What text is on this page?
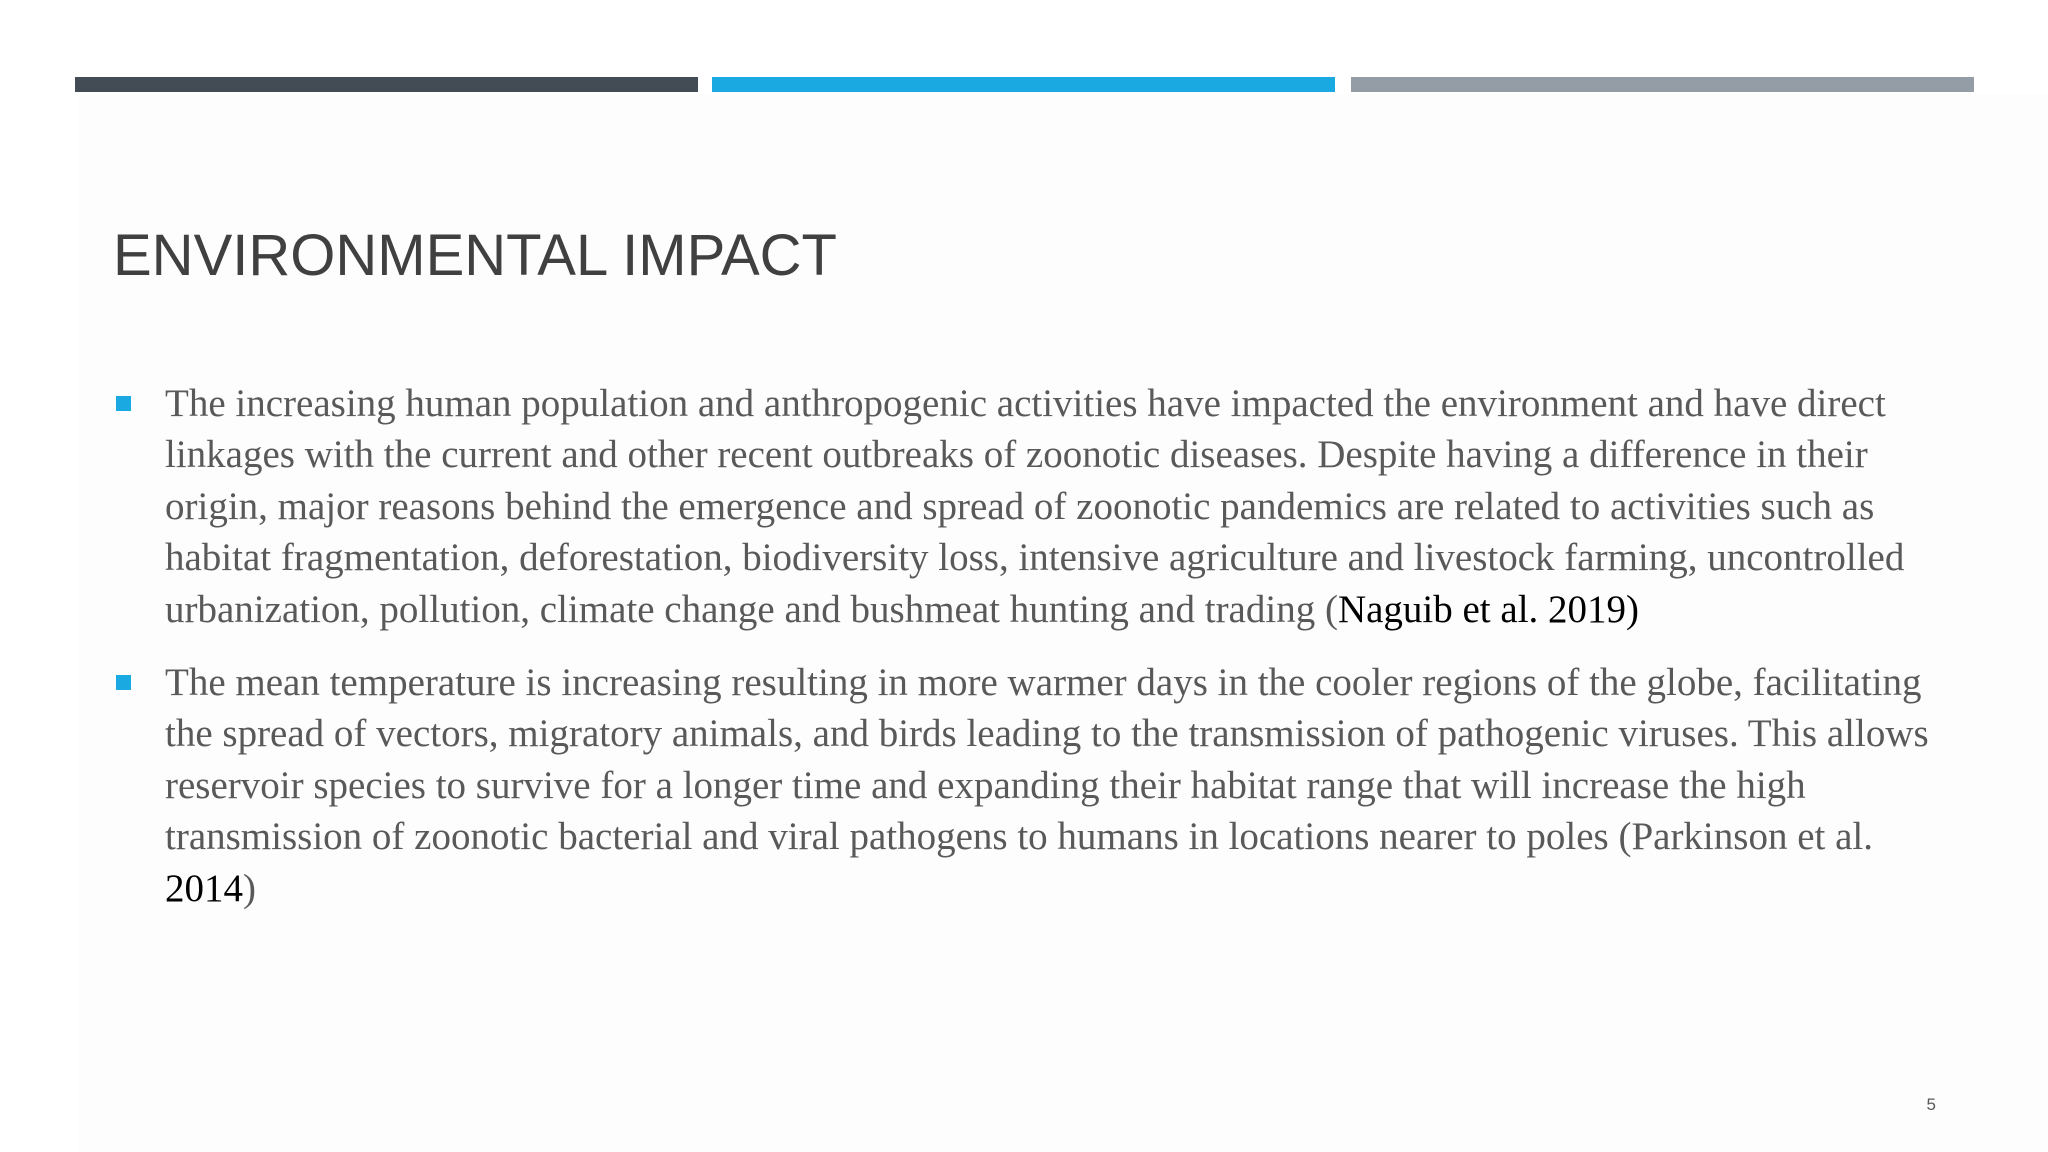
ENVIRONMENTAL IMPACT
The increasing human population and anthropogenic activities have impacted the environment and have direct linkages with the current and other recent outbreaks of zoonotic diseases. Despite having a difference in their origin, major reasons behind the emergence and spread of zoonotic pandemics are related to activities such as habitat fragmentation, deforestation, biodiversity loss, intensive agriculture and livestock farming, uncontrolled urbanization, pollution, climate change and bushmeat hunting and trading (Naguib et al. 2019)
The mean temperature is increasing resulting in more warmer days in the cooler regions of the globe, facilitating the spread of vectors, migratory animals, and birds leading to the transmission of pathogenic viruses. This allows reservoir species to survive for a longer time and expanding their habitat range that will increase the high transmission of zoonotic bacterial and viral pathogens to humans in locations nearer to poles (Parkinson et al. 2014)
5
